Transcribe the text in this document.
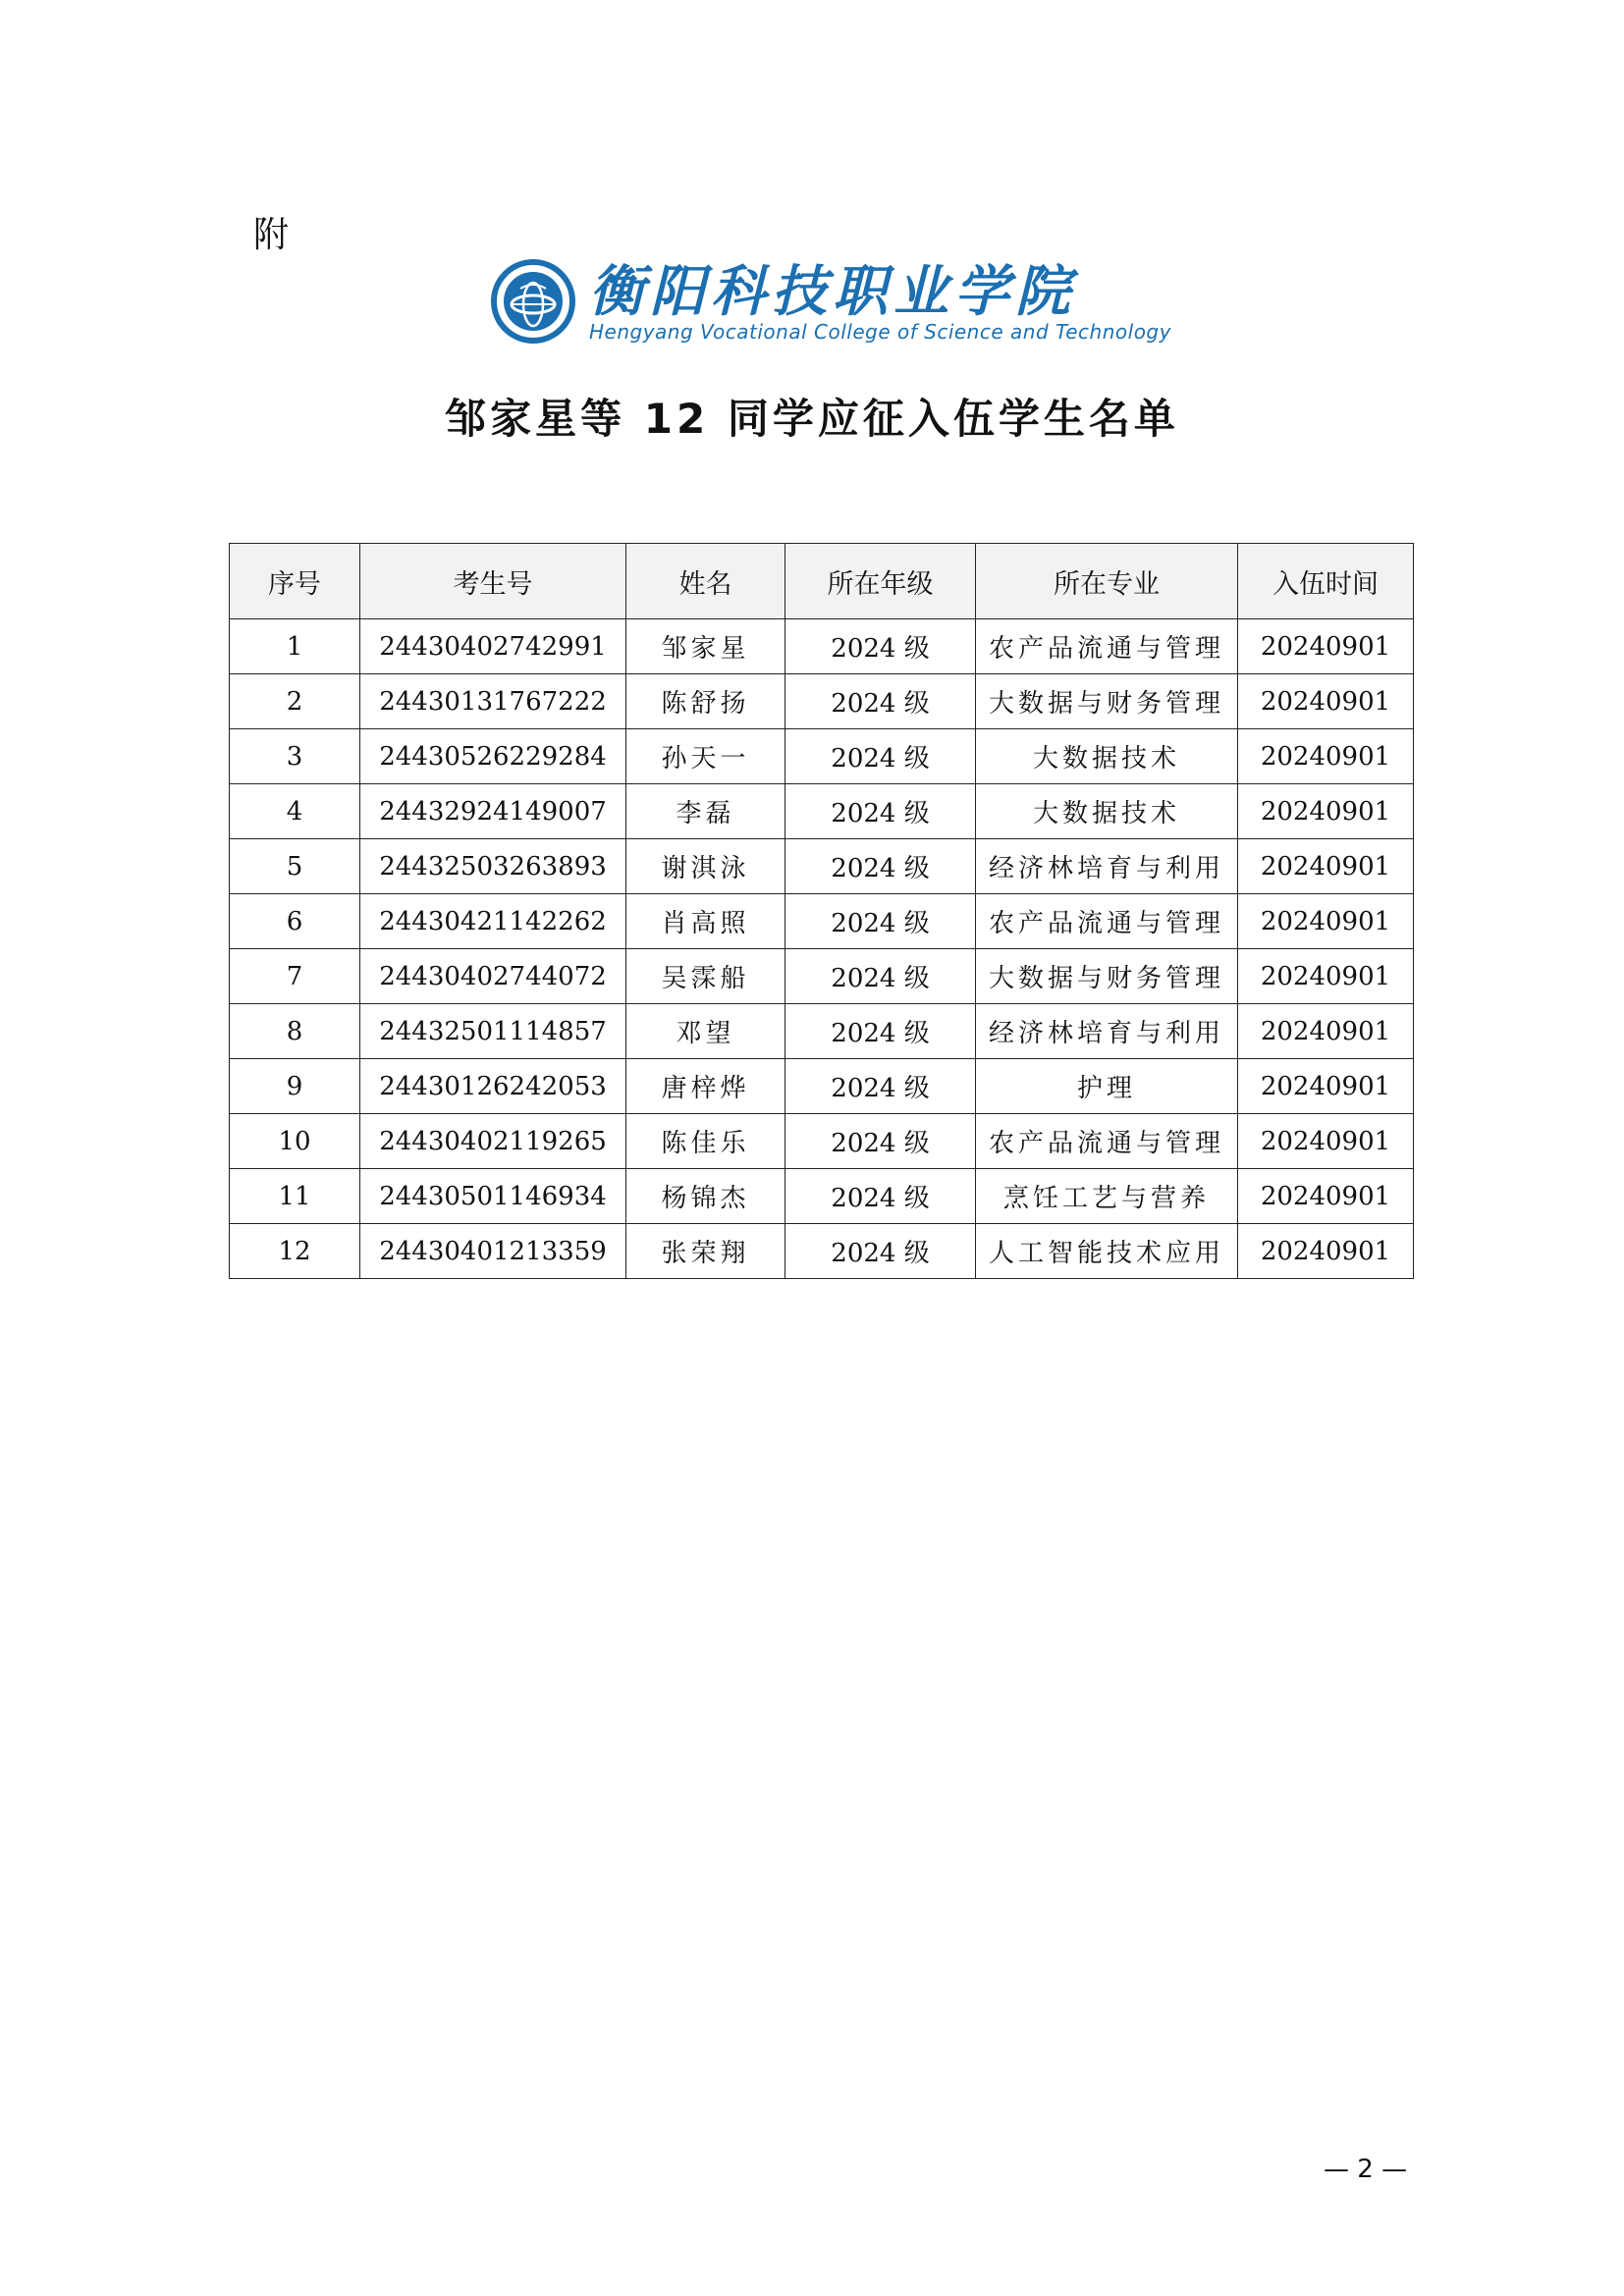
附
衡阳科技职业学院
Hengyang Vocational College of Science and Technology
邹家星等 12 同学应征入伍学生名单
序号	考生号	姓名	所在年级	所在专业	入伍时间
1	24430402742991	邹家星	2024 级	农产品流通与管理	20240901
2	24430131767222	陈舒扬	2024 级	大数据与财务管理	20240901
3	24430526229284	孙天一	2024 级	大数据技术	20240901
4	24432924149007	李磊	2024 级	大数据技术	20240901
5	24432503263893	谢淇泳	2024 级	经济林培育与利用	20240901
6	24430421142262	肖高照	2024 级	农产品流通与管理	20240901
7	24430402744072	吴霂船	2024 级	大数据与财务管理	20240901
8	24432501114857	邓望	2024 级	经济林培育与利用	20240901
9	24430126242053	唐梓烨	2024 级	护理	20240901
10	24430402119265	陈佳乐	2024 级	农产品流通与管理	20240901
11	24430501146934	杨锦杰	2024 级	烹饪工艺与营养	20240901
12	24430401213359	张荣翔	2024 级	人工智能技术应用	20240901
— 2 —
